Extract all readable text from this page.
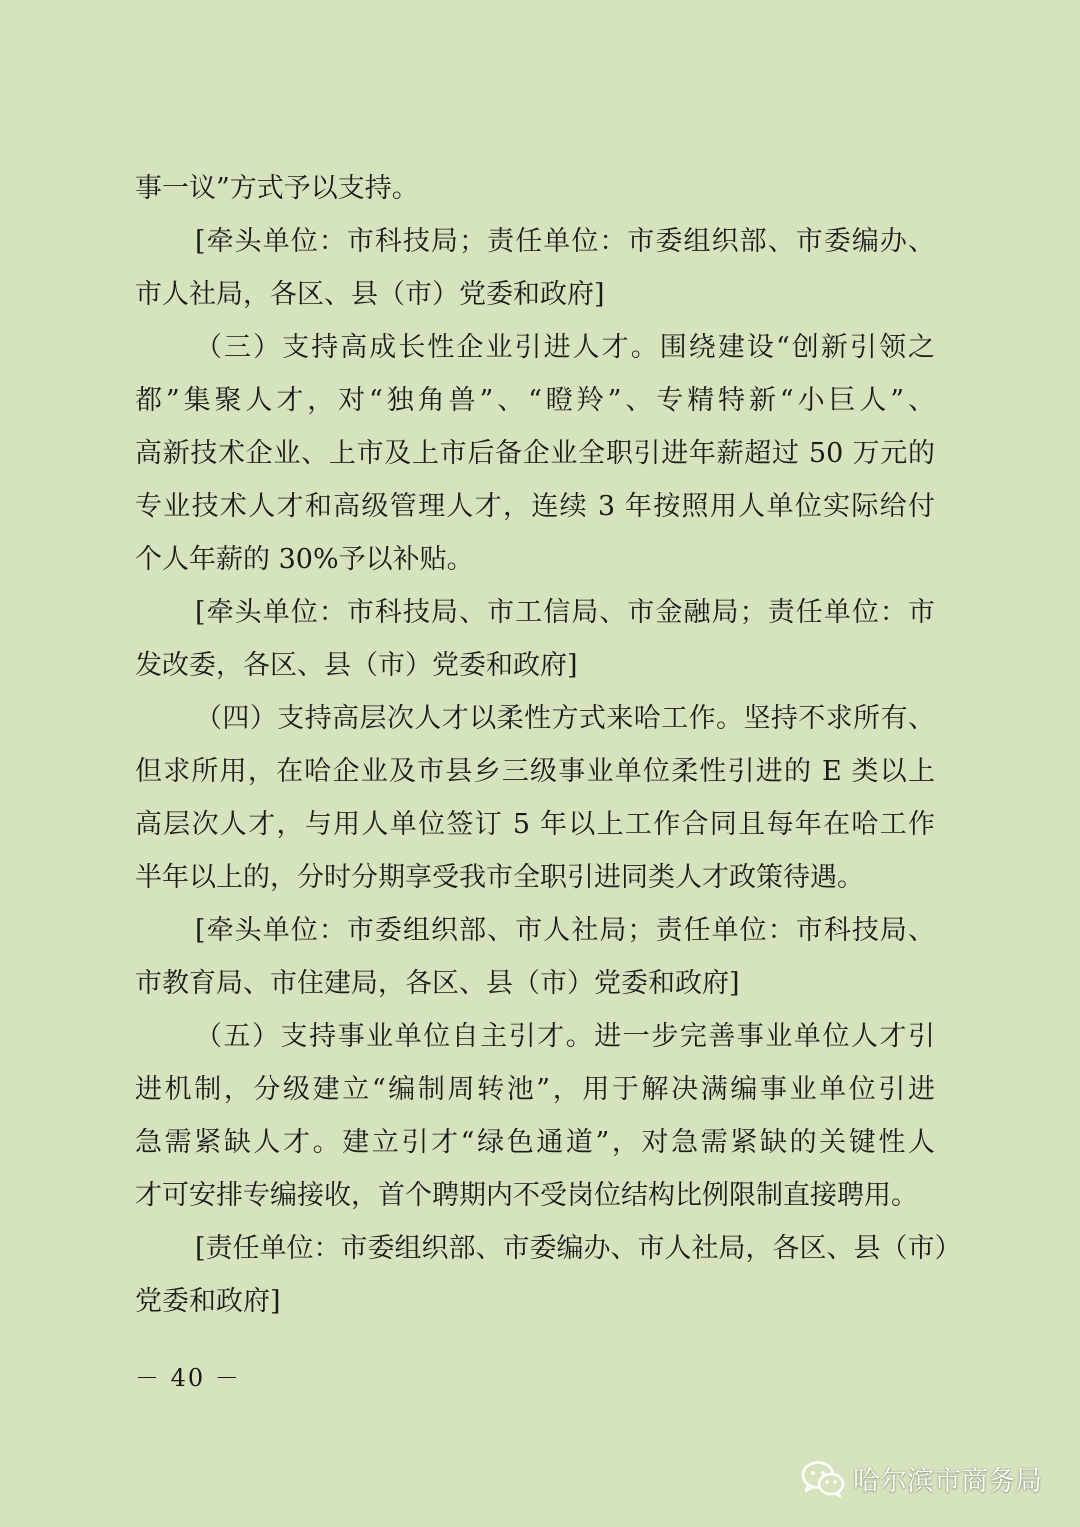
事一议”方式予以支持。
[牵头单位：市科技局；责任单位：市委组织部、市委编办、
市人社局，各区、县（市）党委和政府]
（三）支持高成长性企业引进人才。围绕建设“创新引领之
都”集聚人才，对“独角兽”、“瞪羚”、专精特新“小巨人”、
高新技术企业、上市及上市后备企业全职引进年薪超过 50 万元的
专业技术人才和高级管理人才，连续 3 年按照用人单位实际给付
个人年薪的 30%予以补贴。
[牵头单位：市科技局、市工信局、市金融局；责任单位：市
发改委，各区、县（市）党委和政府]
（四）支持高层次人才以柔性方式来哈工作。坚持不求所有、
但求所用，在哈企业及市县乡三级事业单位柔性引进的 E 类以上
高层次人才，与用人单位签订 5 年以上工作合同且每年在哈工作
半年以上的，分时分期享受我市全职引进同类人才政策待遇。
[牵头单位：市委组织部、市人社局；责任单位：市科技局、
市教育局、市住建局，各区、县（市）党委和政府]
（五）支持事业单位自主引才。进一步完善事业单位人才引
进机制，分级建立“编制周转池”，用于解决满编事业单位引进
急需紧缺人才。建立引才“绿色通道”，对急需紧缺的关键性人
才可安排专编接收，首个聘期内不受岗位结构比例限制直接聘用。
[责任单位：市委组织部、市委编办、市人社局，各区、县（市）
党委和政府]
－ 40 －
哈尔滨市商务局
